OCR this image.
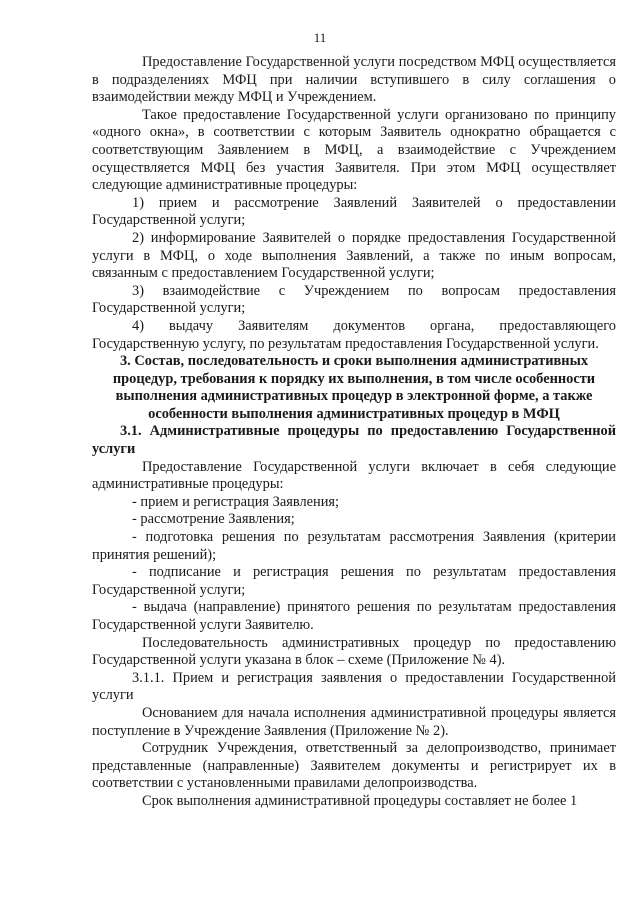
11

Предоставление Государственной услуги посредством МФЦ осуществляется в подразделениях МФЦ при наличии вступившего в силу соглашения о взаимодействии между МФЦ и Учреждением.

Такое предоставление Государственной услуги организовано по принципу «одного окна», в соответствии с которым Заявитель однократно обращается с соответствующим Заявлением в МФЦ, а взаимодействие с Учреждением осуществляется МФЦ без участия Заявителя. При этом МФЦ осуществляет следующие административные процедуры:

1) прием и рассмотрение Заявлений Заявителей о предоставлении Государственной услуги;

2) информирование Заявителей о порядке предоставления Государственной услуги в МФЦ, о ходе выполнения Заявлений, а также по иным вопросам, связанным с предоставлением Государственной услуги;

3) взаимодействие с Учреждением по вопросам предоставления Государственной услуги;

4) выдачу Заявителям документов органа, предоставляющего Государственную услугу, по результатам предоставления Государственной услуги.

3. Состав, последовательность и сроки выполнения административных процедур, требования к порядку их выполнения, в том числе особенности выполнения административных процедур в электронной форме, а также особенности выполнения административных процедур в МФЦ

3.1. Административные процедуры по предоставлению Государственной услуги

Предоставление Государственной услуги включает в себя следующие административные процедуры:

- прием и регистрация Заявления;

- рассмотрение Заявления;

- подготовка решения по результатам рассмотрения Заявления (критерии принятия решений);

- подписание и регистрация решения по результатам предоставления Государственной услуги;

- выдача (направление) принятого решения по результатам предоставления Государственной услуги Заявителю.

Последовательность административных процедур по предоставлению Государственной услуги указана в блок – схеме (Приложение № 4).

3.1.1. Прием и регистрация заявления о предоставлении Государственной услуги

Основанием для начала исполнения административной процедуры является поступление в Учреждение Заявления (Приложение № 2).

Сотрудник Учреждения, ответственный за делопроизводство, принимает представленные (направленные) Заявителем документы и регистрирует их в соответствии с установленными правилами делопроизводства.

Срок выполнения административной процедуры составляет не более 1
